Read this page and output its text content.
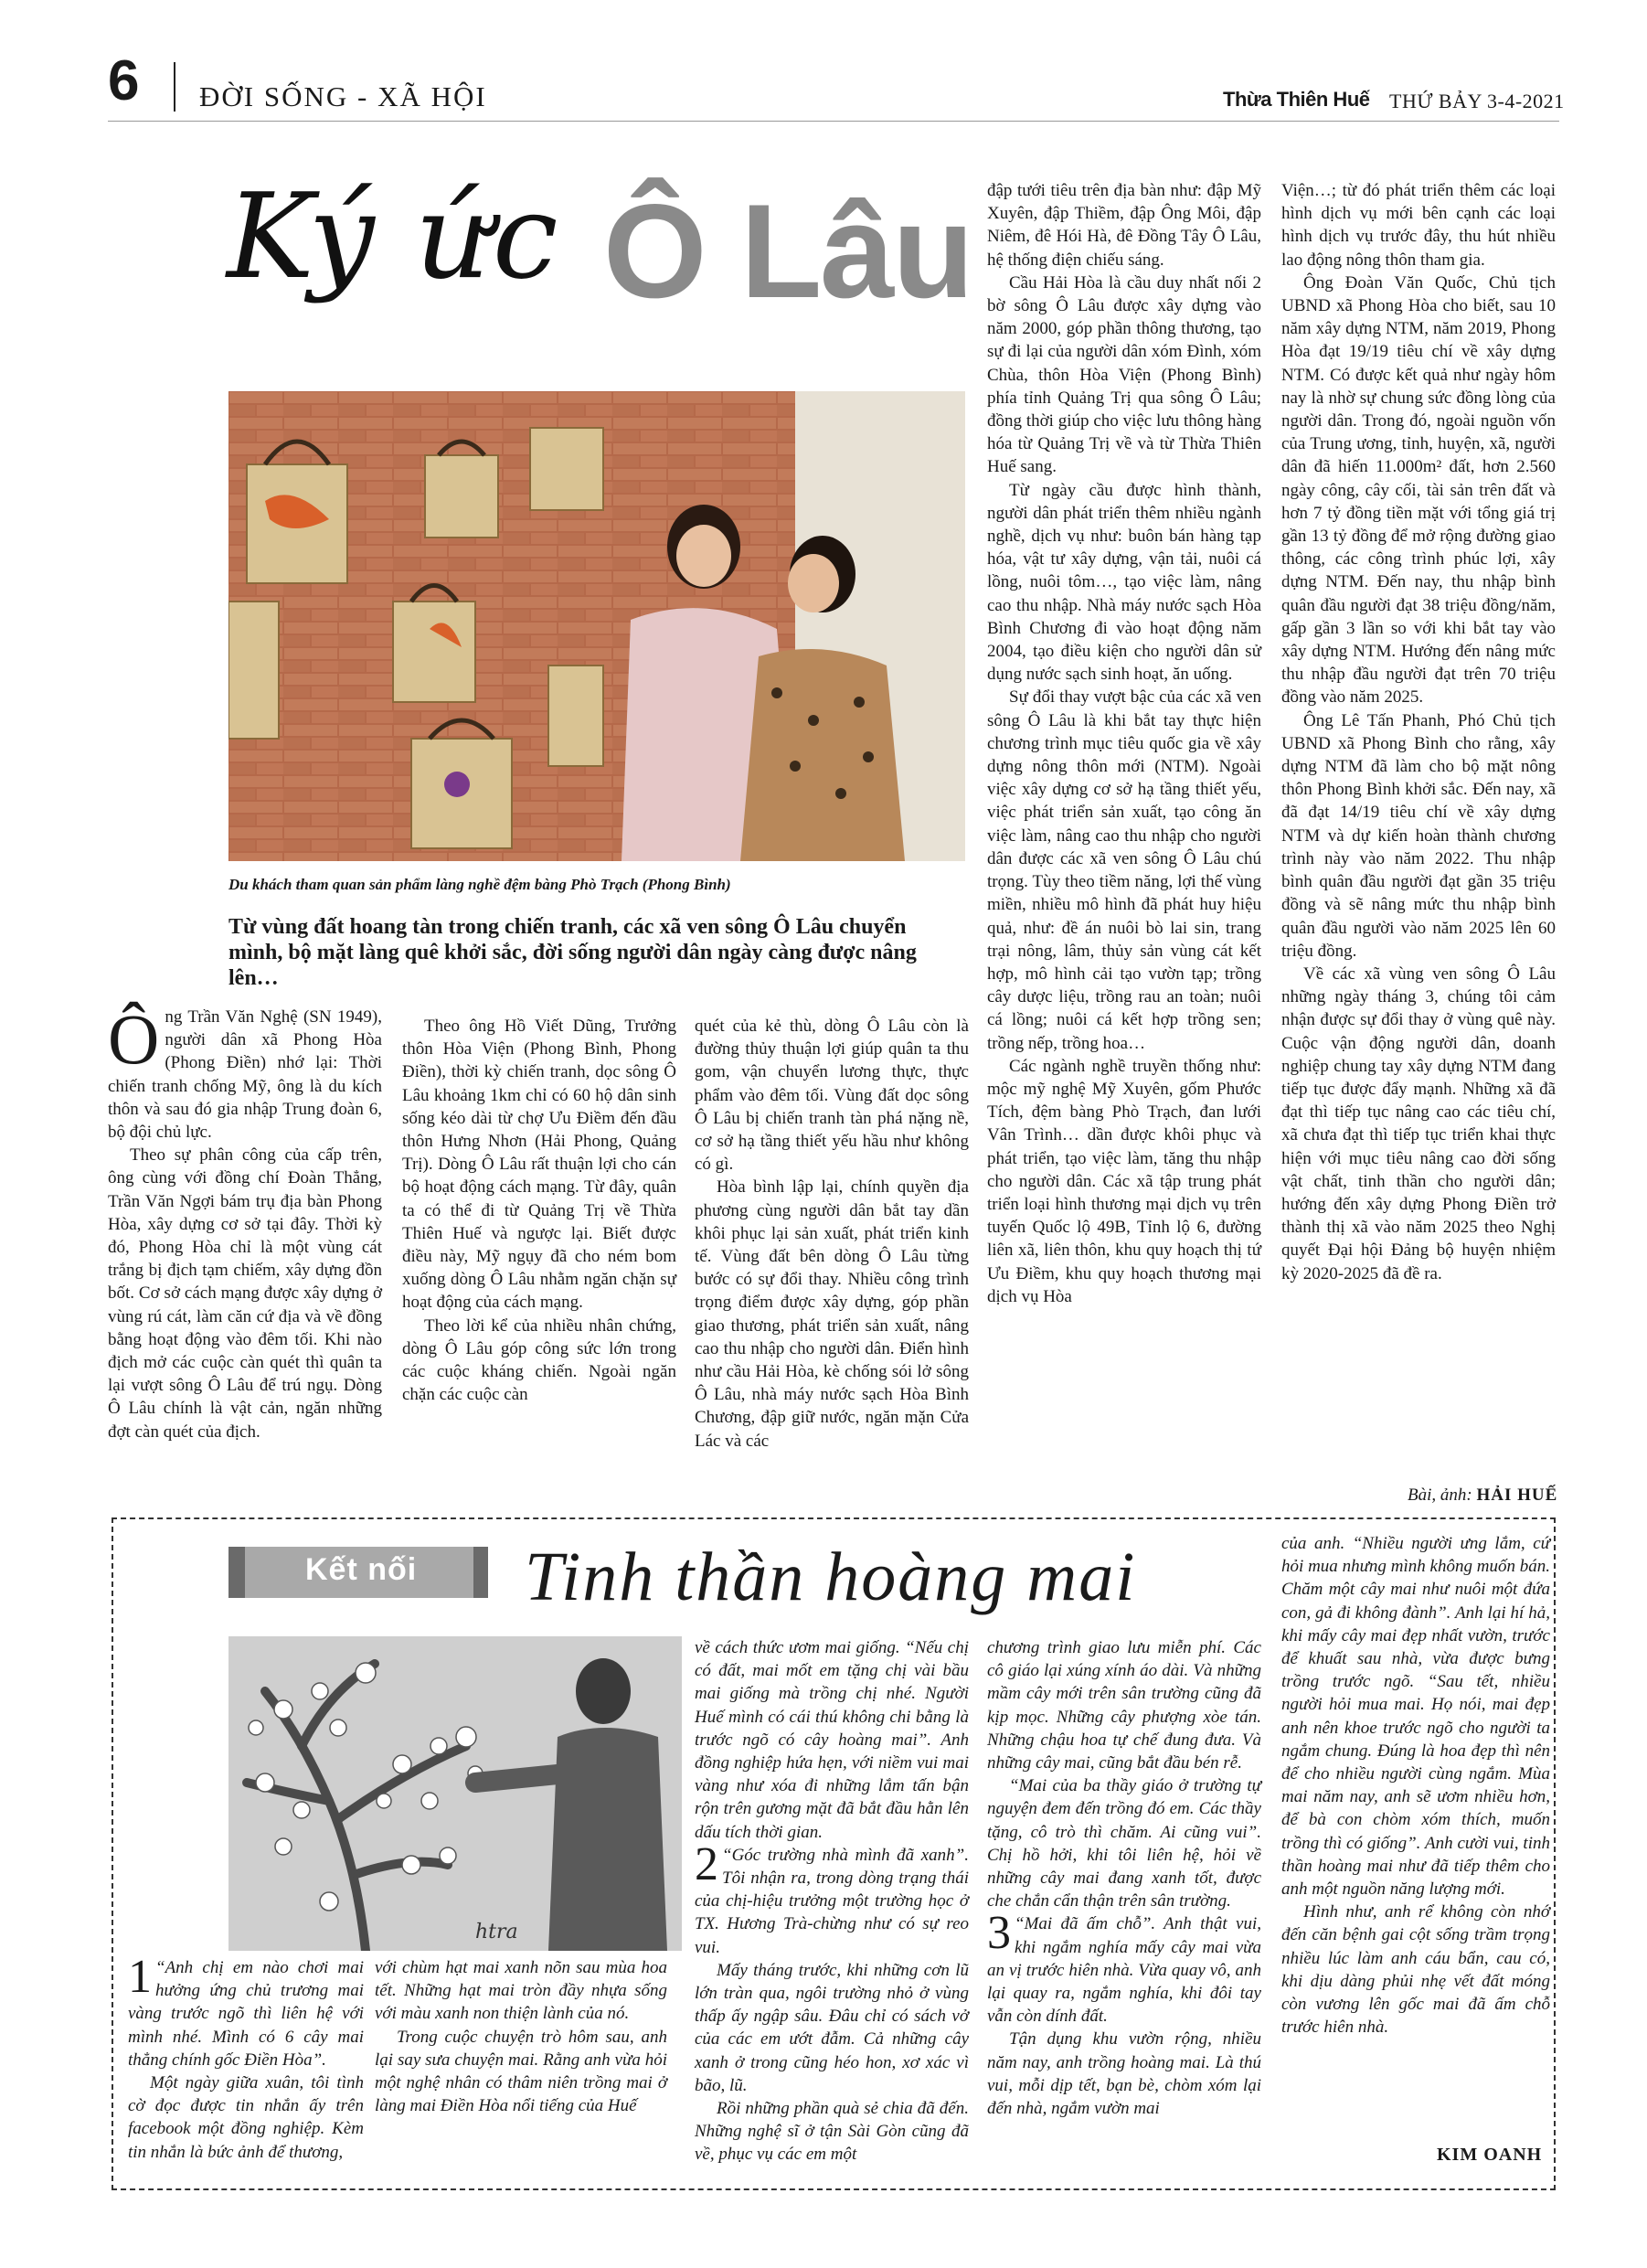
6 ĐỜI SỐNG - XÃ HỘI	Thừa Thiên Huế THỨ BẢY 3-4-2021
Ký ức Ô Lâu
Du khách tham quan sản phẩm làng nghề đệm bàng Phò Trạch (Phong Bình)
Từ vùng đất hoang tàn trong chiến tranh, các xã ven sông Ô Lâu chuyển mình, bộ mặt làng quê khởi sắc, đời sống người dân ngày càng được nâng lên…

Ông Trần Văn Nghệ (SN 1949), người dân xã Phong Hòa (Phong Điền) nhớ lại: Thời chiến tranh chống Mỹ, ông là du kích thôn và sau đó gia nhập Trung đoàn 6, bộ đội chủ lực.

Theo sự phân công của cấp trên, ông cùng với đồng chí Đoàn Thẳng, Trần Văn Ngợi bám trụ địa bàn Phong Hòa, xây dựng cơ sở tại đây. Thời kỳ đó, Phong Hòa chỉ là một vùng cát trắng bị địch tạm chiếm, xây dựng đồn bốt. Cơ sở cách mạng được xây dựng ở vùng rú cát, làm căn cứ địa và về đồng bằng hoạt động vào đêm tối. Khi nào địch mở các cuộc càn quét thì quân ta lại vượt sông Ô Lâu để trú ngụ. Dòng Ô Lâu chính là vật cản, ngăn những đợt càn quét của địch.

Theo ông Hồ Viết Dũng, Trưởng thôn Hòa Viện (Phong Bình, Phong Điền), thời kỳ chiến tranh, dọc sông Ô Lâu khoảng 1km chỉ có 60 hộ dân sinh sống kéo dài từ chợ Ưu Điềm đến đầu thôn Hưng Nhơn (Hải Phong, Quảng Trị). Dòng Ô Lâu rất thuận lợi cho cán bộ hoạt động cách mạng. Từ đây, quân ta có thể đi từ Quảng Trị về Thừa Thiên Huế và ngược lại. Biết được điều này, Mỹ ngụy đã cho ném bom xuống dòng Ô Lâu nhằm ngăn chặn sự hoạt động của cách mạng.

Theo lời kể của nhiều nhân chứng, dòng Ô Lâu góp công sức lớn trong các cuộc kháng chiến. Ngoài ngăn chặn các cuộc càn

quét của kẻ thù, dòng Ô Lâu còn là đường thủy thuận lợi giúp quân ta thu gom, vận chuyển lương thực, thực phẩm vào đêm tối. Vùng đất dọc sông Ô Lâu bị chiến tranh tàn phá nặng nề, cơ sở hạ tầng thiết yếu hầu như không có gì.

Hòa bình lập lại, chính quyền địa phương cùng người dân bắt tay dần khôi phục lại sản xuất, phát triển kinh tế. Vùng đất bên dòng Ô Lâu từng bước có sự đổi thay. Nhiều công trình trọng điểm được xây dựng, góp phần giao thương, phát triển sản xuất, nâng cao thu nhập cho người dân. Điển hình như cầu Hải Hòa, kè chống sói lở sông Ô Lâu, nhà máy nước sạch Hòa Bình Chương, đập giữ nước, ngăn mặn Cửa Lác và các

đập tưới tiêu trên địa bàn như: đập Mỹ Xuyên, đập Thiềm, đập Ông Môi, đập Niêm, đê Hói Hà, đê Đồng Tây Ô Lâu, hệ thống điện chiếu sáng.

Cầu Hải Hòa là cầu duy nhất nối 2 bờ sông Ô Lâu được xây dựng vào năm 2000, góp phần thông thương, tạo sự đi lại của người dân xóm Đình, xóm Chùa, thôn Hòa Viện (Phong Bình) phía tỉnh Quảng Trị qua sông Ô Lâu; đồng thời giúp cho việc lưu thông hàng hóa từ Quảng Trị về và từ Thừa Thiên Huế sang.

Từ ngày cầu được hình thành, người dân phát triển thêm nhiều ngành nghề, dịch vụ như: buôn bán hàng tạp hóa, vật tư xây dựng, vận tải, nuôi cá lồng, nuôi tôm…, tạo việc làm, nâng cao thu nhập. Nhà máy nước sạch Hòa Bình Chương đi vào hoạt động năm 2004, tạo điều kiện cho người dân sử dụng nước sạch sinh hoạt, ăn uống.

Sự đổi thay vượt bậc của các xã ven sông Ô Lâu là khi bắt tay thực hiện chương trình mục tiêu quốc gia về xây dựng nông thôn mới (NTM). Ngoài việc xây dựng cơ sở hạ tầng thiết yếu, việc phát triển sản xuất, tạo công ăn việc làm, nâng cao thu nhập cho người dân được các xã ven sông Ô Lâu chú trọng. Tùy theo tiềm năng, lợi thế vùng miền, nhiều mô hình đã phát huy hiệu quả, như: đề án nuôi bò lai sin, trang trại nông, lâm, thủy sản vùng cát kết hợp, mô hình cải tạo vườn tạp; trồng cây dược liệu, trồng rau an toàn; nuôi cá lồng; nuôi cá kết hợp trồng sen; trồng nếp, trồng hoa…

Các ngành nghề truyền thống như: mộc mỹ nghệ Mỹ Xuyên, gốm Phước Tích, đệm bàng Phò Trạch, đan lưới Vân Trình… dần được khôi phục và phát triển, tạo việc làm, tăng thu nhập cho người dân. Các xã tập trung phát triển loại hình thương mại dịch vụ trên tuyến Quốc lộ 49B, Tỉnh lộ 6, đường liên xã, liên thôn, khu quy hoạch thị tứ Ưu Điềm, khu quy hoạch thương mại dịch vụ Hòa

Viện…; từ đó phát triển thêm các loại hình dịch vụ mới bên cạnh các loại hình dịch vụ trước đây, thu hút nhiều lao động nông thôn tham gia.

Ông Đoàn Văn Quốc, Chủ tịch UBND xã Phong Hòa cho biết, sau 10 năm xây dựng NTM, năm 2019, Phong Hòa đạt 19/19 tiêu chí về xây dựng NTM. Có được kết quả như ngày hôm nay là nhờ sự chung sức đồng lòng của người dân. Trong đó, ngoài nguồn vốn của Trung ương, tỉnh, huyện, xã, người dân đã hiến 11.000m² đất, hơn 2.560 ngày công, cây cối, tài sản trên đất và hơn 7 tỷ đồng tiền mặt với tổng giá trị gần 13 tỷ đồng để mở rộng đường giao thông, các công trình phúc lợi, xây dựng NTM. Đến nay, thu nhập bình quân đầu người đạt 38 triệu đồng/năm, gấp gần 3 lần so với khi bắt tay vào xây dựng NTM. Hướng đến nâng mức thu nhập đầu người đạt trên 70 triệu đồng vào năm 2025.

Ông Lê Tấn Phanh, Phó Chủ tịch UBND xã Phong Bình cho rằng, xây dựng NTM đã làm cho bộ mặt nông thôn Phong Bình khởi sắc. Đến nay, xã đã đạt 14/19 tiêu chí về xây dựng NTM và dự kiến hoàn thành chương trình này vào năm 2022. Thu nhập bình quân đầu người đạt gần 35 triệu đồng và sẽ nâng mức thu nhập bình quân đầu người vào năm 2025 lên 60 triệu đồng.

Về các xã vùng ven sông Ô Lâu những ngày tháng 3, chúng tôi cảm nhận được sự đổi thay ở vùng quê này. Cuộc vận động người dân, doanh nghiệp chung tay xây dựng NTM đang tiếp tục được đẩy mạnh. Những xã đã đạt thì tiếp tục nâng cao các tiêu chí, xã chưa đạt thì tiếp tục triển khai thực hiện với mục tiêu nâng cao đời sống vật chất, tinh thần cho người dân; hướng đến xây dựng Phong Điền trở thành thị xã vào năm 2025 theo Nghị quyết Đại hội Đảng bộ huyện nhiệm kỳ 2020-2025 đã đề ra.

Bài, ảnh: HẢI HUẾ
Kết nối Tinh thần hoàng mai
htra

1 “Anh chị em nào chơi mai hưởng ứng chủ trương mai vàng trước ngõ thì liên hệ với mình nhé. Mình có 6 cây mai thẳng chính gốc Điền Hòa”.

Một ngày giữa xuân, tôi tình cờ đọc được tin nhắn ấy trên facebook một đồng nghiệp. Kèm tin nhắn là bức ảnh để thương,

với chùm hạt mai xanh nõn sau mùa hoa tết. Những hạt mai tròn đầy nhựa sống với màu xanh non thiện lành của nó.

Trong cuộc chuyện trò hôm sau, anh lại say sưa chuyện mai. Rằng anh vừa hỏi một nghệ nhân có thâm niên trồng mai ở làng mai Điền Hòa nổi tiếng của Huế

về cách thức ươm mai giống. “Nếu chị có đất, mai mốt em tặng chị vài bầu mai giống mà trồng chị nhé. Người Huế mình có cái thú không chi bằng là trước ngõ có cây hoàng mai”. Anh đồng nghiệp hứa hẹn, với niềm vui mai vàng như xóa đi những lắm tấn bận rộn trên gương mặt đã bắt đầu hằn lên dấu tích thời gian.

2 “Góc trường nhà mình đã xanh”. Tôi nhận ra, trong dòng trạng thái của chị-hiệu trưởng một trường học ở TX. Hương Trà-chừng như có sự reo vui.

Mấy tháng trước, khi những cơn lũ lớn tràn qua, ngôi trường nhỏ ở vùng thấp ấy ngập sâu. Đâu chỉ có sách vở của các em ướt đẫm. Cả những cây xanh ở trong cũng héo hon, xơ xác vì bão, lũ.

Rồi những phần quà sẻ chia đã đến. Những nghệ sĩ ở tận Sài Gòn cũng đã về, phục vụ các em một

chương trình giao lưu miễn phí. Các cô giáo lại xúng xính áo dài. Và những mầm cây mới trên sân trường cũng đã kịp mọc. Những cây phượng xòe tán. Những chậu hoa tự chế đung đưa. Và những cây mai, cũng bắt đầu bén rễ.

“Mai của ba thầy giáo ở trường tự nguyện đem đến trồng đó em. Các thầy tặng, cô trò thì chăm. Ai cũng vui”. Chị hồ hởi, khi tôi liên hệ, hỏi về những cây mai đang xanh tốt, được che chắn cẩn thận trên sân trường.

3 “Mai đã ấm chỗ”. Anh thật vui, khi ngắm nghía mấy cây mai vừa an vị trước hiên nhà. Vừa quay vô, anh lại quay ra, ngắm nghía, khi đôi tay vẫn còn dính đất.

Tận dụng khu vườn rộng, nhiều năm nay, anh trồng hoàng mai. Là thú vui, mỗi dịp tết, bạn bè, chòm xóm lại đến nhà, ngắm vườn mai

của anh. “Nhiều người ưng lắm, cứ hỏi mua nhưng mình không muốn bán. Chăm một cây mai như nuôi một đứa con, gả đi không đành”. Anh lại hí hả, khi mấy cây mai đẹp nhất vườn, trước để khuất sau nhà, vừa được bưng trồng trước ngõ. “Sau tết, nhiều người hỏi mua mai. Họ nói, mai đẹp anh nên khoe trước ngõ cho người ta ngắm chung. Đúng là hoa đẹp thì nên để cho nhiều người cùng ngắm. Mùa mai năm nay, anh sẽ ươm nhiều hơn, để bà con chòm xóm thích, muốn trồng thì có giống”. Anh cười vui, tinh thần hoàng mai như đã tiếp thêm cho anh một nguồn năng lượng mới.

Hình như, anh rể không còn nhớ đến căn bệnh gai cột sống trầm trọng nhiều lúc làm anh cáu bẩn, cau có, khi dịu dàng phủi nhẹ vết đất móng còn vương lên gốc mai đã ấm chỗ trước hiên nhà.

KIM OANH
